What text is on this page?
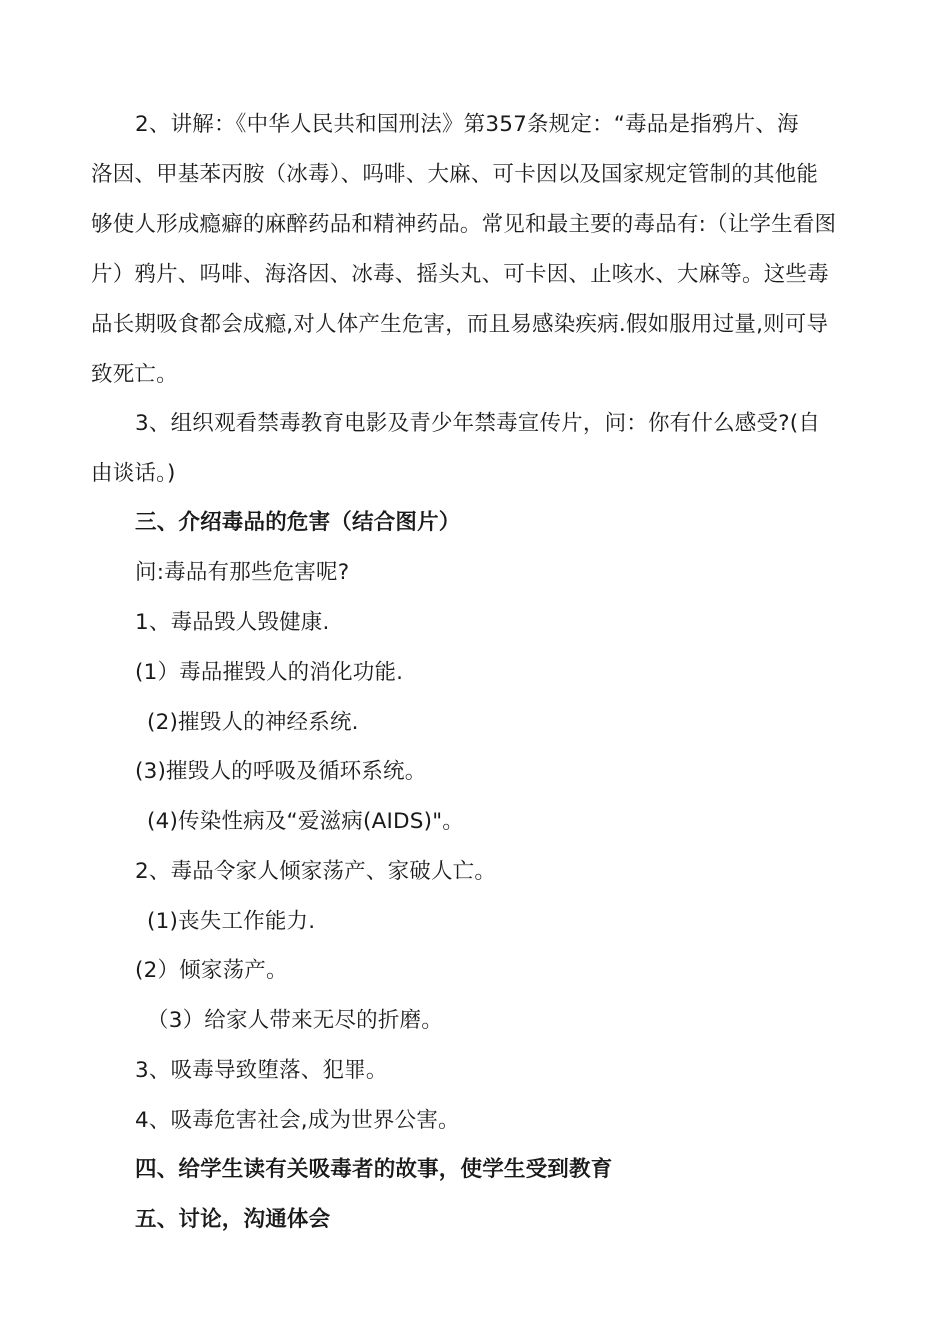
2、讲解：《中华人民共和国刑法》第357条规定：“毒品是指鸦片、海
洛因、甲基苯丙胺（冰毒）、吗啡、大麻、可卡因以及国家规定管制的其他能
够使人形成瘾癖的麻醉药品和精神药品。常见和最主要的毒品有:（让学生看图
片）鸦片、吗啡、海洛因、冰毒、摇头丸、可卡因、止咳水、大麻等。这些毒
品长期吸食都会成瘾,对人体产生危害，而且易感染疾病.假如服用过量,则可导
致死亡。
3、组织观看禁毒教育电影及青少年禁毒宣传片，问：你有什么感受?(自
由谈话。)
三、介绍毒品的危害（结合图片）
问:毒品有那些危害呢?
1、毒品毁人毁健康.
(1）毒品摧毁人的消化功能.
(2)摧毁人的神经系统.
(3)摧毁人的呼吸及循环系统。
(4)传染性病及“爱滋病(AIDS)"。
2、毒品令家人倾家荡产、家破人亡。
(1)丧失工作能力.
(2）倾家荡产。
（3）给家人带来无尽的折磨。
3、吸毒导致堕落、犯罪。
4、吸毒危害社会,成为世界公害。
四、给学生读有关吸毒者的故事，使学生受到教育
五、讨论，沟通体会
